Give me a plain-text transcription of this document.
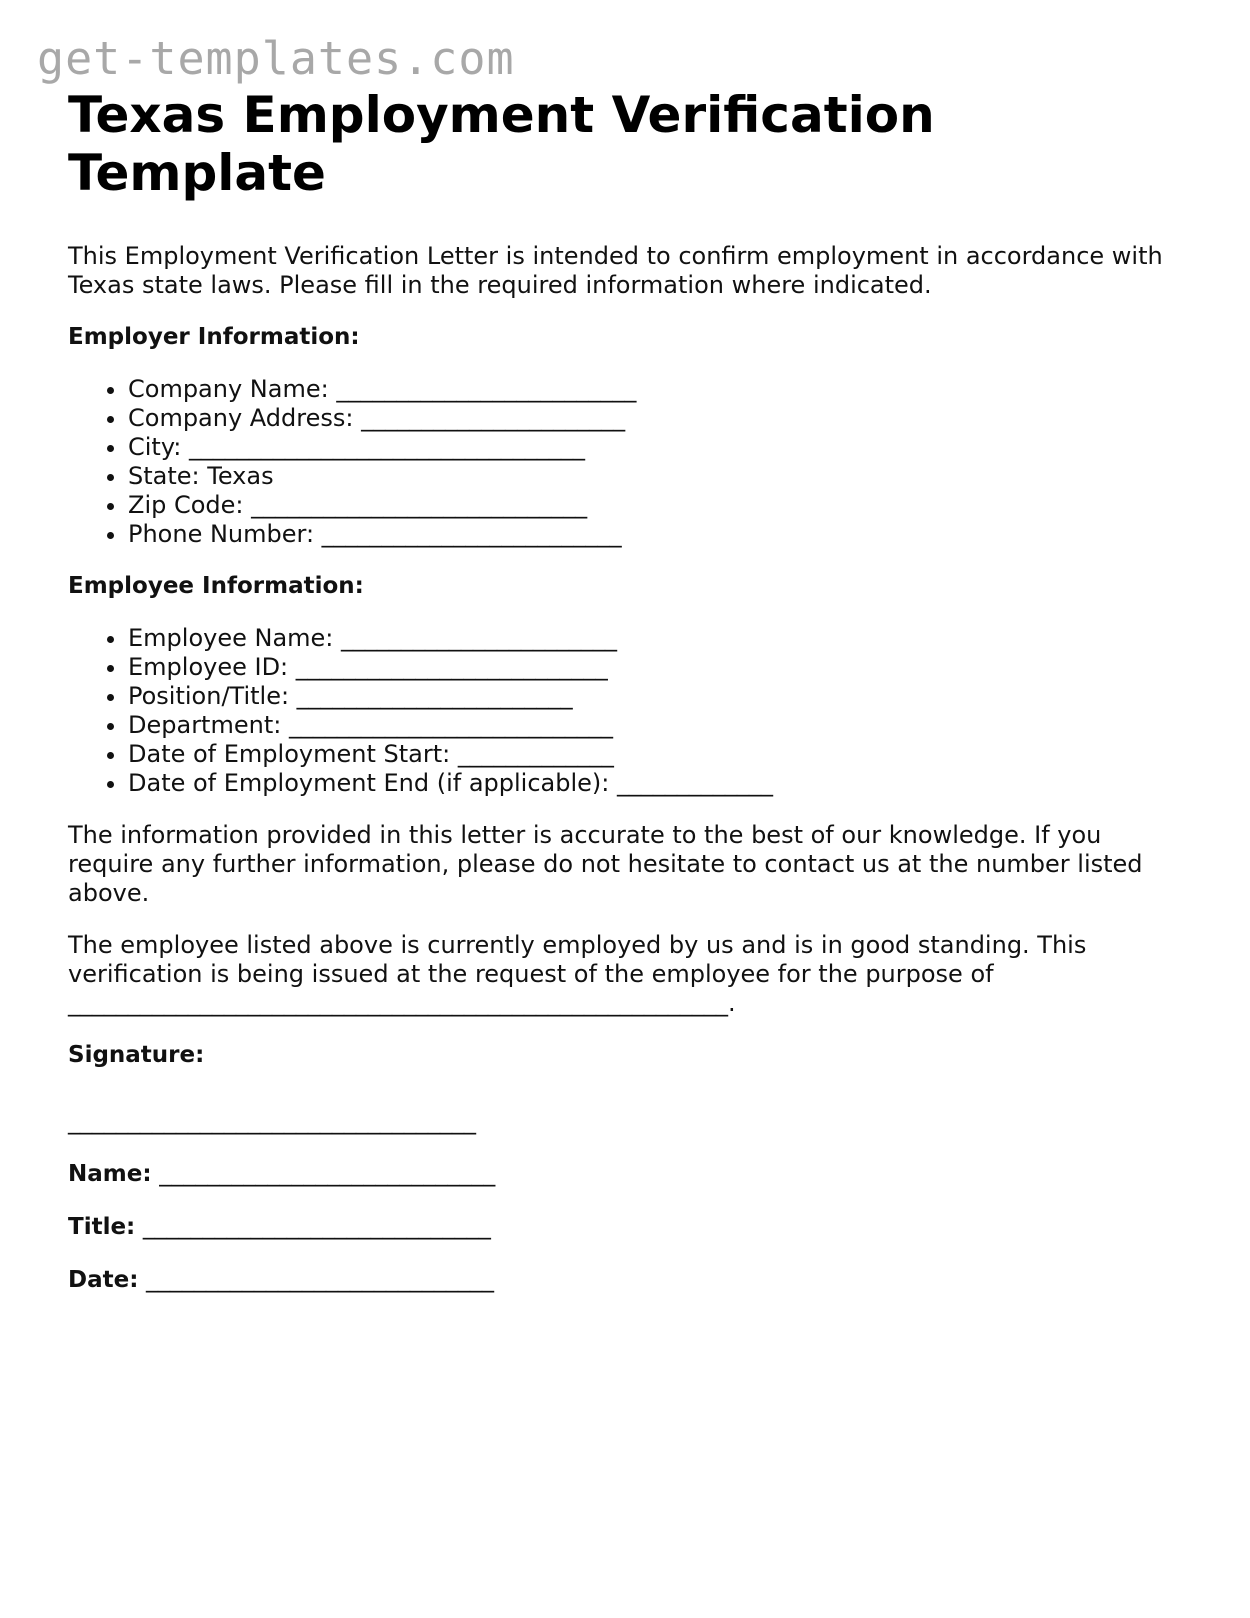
get-templates.com
Texas Employment Verification Template

This Employment Verification Letter is intended to confirm employment in accordance with Texas state laws. Please fill in the required information where indicated.

Employer Information:
• Company Name: _________________________
• Company Address: ______________________
• City: _________________________________
• State: Texas
• Zip Code: ____________________________
• Phone Number: _________________________
Employee Information:
• Employee Name: _______________________
• Employee ID: __________________________
• Position/Title: _______________________
• Department: ___________________________
• Date of Employment Start: _____________
• Date of Employment End (if applicable): _____________

The information provided in this letter is accurate to the best of our knowledge. If you require any further information, please do not hesitate to contact us at the number listed above.

The employee listed above is currently employed by us and is in good standing. This verification is being issued at the request of the employee for the purpose of _______________________________________________________.

Signature:
__________________________________
Name: ____________________________
Title: _____________________________
Date: _____________________________
